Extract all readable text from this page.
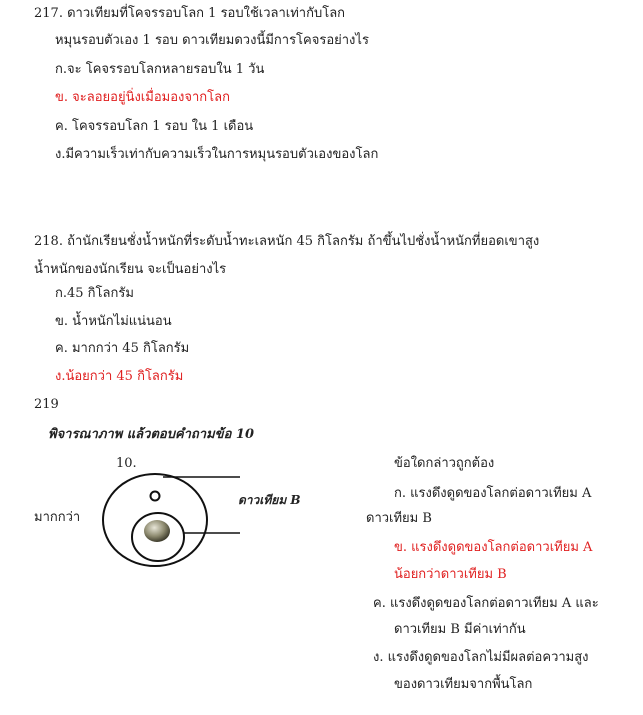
217. ดาวเทียมที่โคจรรอบโลก 1 รอบใช้เวลาเท่ากับโลก
หมุนรอบตัวเอง 1 รอบ ดาวเทียมดวงนี้มีการโคจรอย่างไร
ก.จะ โคจรรอบโลกหลายรอบใน 1 วัน
ข. จะลอยอยู่นิ่งเมื่อมองจากโลก
ค. โคจรรอบโลก 1 รอบ ใน 1 เดือน
ง.มีความเร็วเท่ากับความเร็วในการหมุนรอบตัวเองของโลก
218. ถ้านักเรียนชั่งน้ำหนักที่ระดับน้ำทะเลหนัก 45 กิโลกรัม ถ้าขึ้นไปชั่งน้ำหนักที่ยอดเขาสูง
น้ำหนักของนักเรียน จะเป็นอย่างไร
ก.45 กิโลกรัม
ข. น้ำหนักไม่แน่นอน
ค. มากกว่า 45 กิโลกรัม
ง.น้อยกว่า 45 กิโลกรัม
219
พิจารณาภาพ แล้วตอบคำถามข้อ 10
10.
มากกว่า
ดาวเทียม B
ข้อใดกล่าวถูกต้อง
ก. แรงดึงดูดของโลกต่อดาวเทียม A
ดาวเทียม B
ข. แรงดึงดูดของโลกต่อดาวเทียม A
น้อยกว่าดาวเทียม B
ค. แรงดึงดูดของโลกต่อดาวเทียม A และ
ดาวเทียม B มีค่าเท่ากัน
ง. แรงดึงดูดของโลกไม่มีผลต่อความสูง
ของดาวเทียมจากพื้นโลก
